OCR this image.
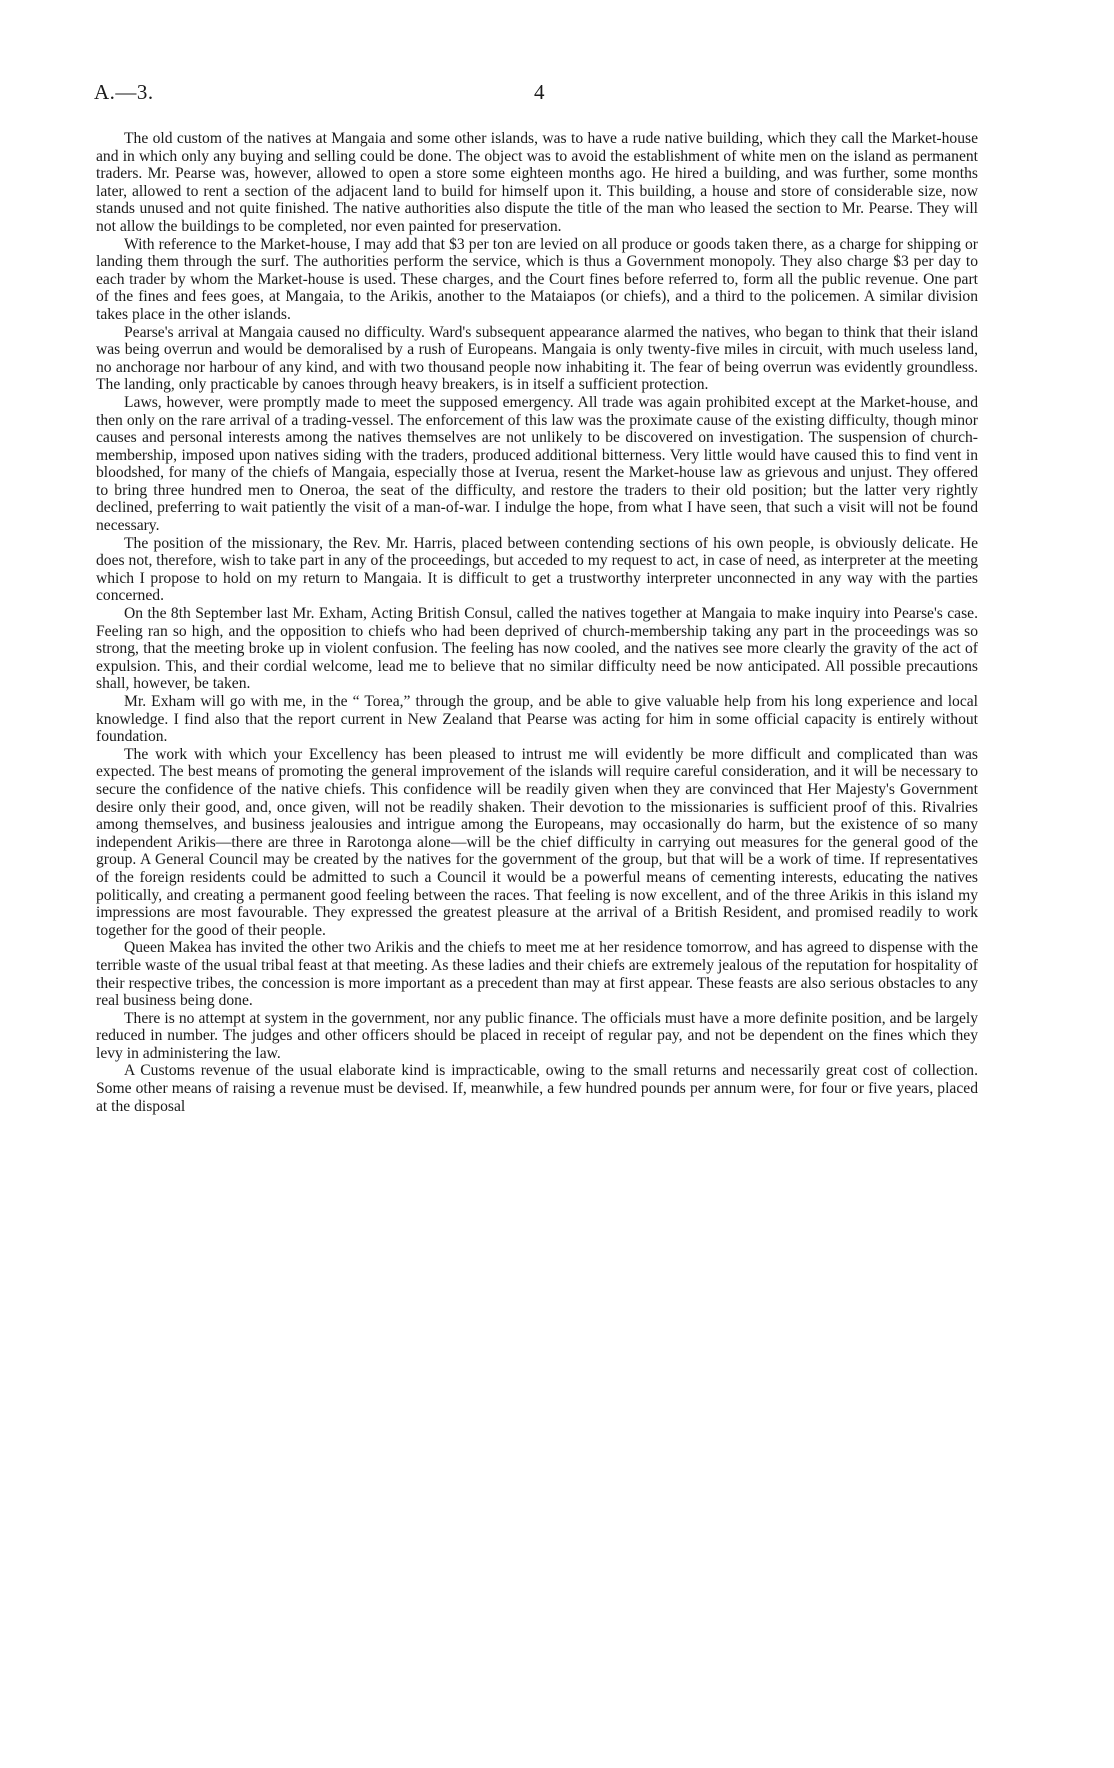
A.—3.	4

The old custom of the natives at Mangaia and some other islands, was to have a rude native building, which they call the Market-house and in which only any buying and selling could be done. The object was to avoid the establishment of white men on the island as permanent traders. Mr. Pearse was, however, allowed to open a store some eighteen months ago. He hired a building, and was further, some months later, allowed to rent a section of the adjacent land to build for himself upon it. This building, a house and store of considerable size, now stands unused and not quite finished. The native authorities also dispute the title of the man who leased the section to Mr. Pearse. They will not allow the buildings to be completed, nor even painted for preservation.

With reference to the Market-house, I may add that $3 per ton are levied on all produce or goods taken there, as a charge for shipping or landing them through the surf. The authorities perform the service, which is thus a Government monopoly. They also charge $3 per day to each trader by whom the Market-house is used. These charges, and the Court fines before referred to, form all the public revenue. One part of the fines and fees goes, at Mangaia, to the Arikis, another to the Mataiapos (or chiefs), and a third to the policemen. A similar division takes place in the other islands.

Pearse's arrival at Mangaia caused no difficulty. Ward's subsequent appearance alarmed the natives, who began to think that their island was being overrun and would be demoralised by a rush of Europeans. Mangaia is only twenty-five miles in circuit, with much useless land, no anchorage nor harbour of any kind, and with two thousand people now inhabiting it. The fear of being overrun was evidently groundless. The landing, only practicable by canoes through heavy breakers, is in itself a sufficient protection.

Laws, however, were promptly made to meet the supposed emergency. All trade was again prohibited except at the Market-house, and then only on the rare arrival of a trading-vessel. The enforcement of this law was the proximate cause of the existing difficulty, though minor causes and personal interests among the natives themselves are not unlikely to be discovered on investigation. The suspension of church-membership, imposed upon natives siding with the traders, produced additional bitterness. Very little would have caused this to find vent in bloodshed, for many of the chiefs of Mangaia, especially those at Iverua, resent the Market-house law as grievous and unjust. They offered to bring three hundred men to Oneroa, the seat of the difficulty, and restore the traders to their old position; but the latter very rightly declined, preferring to wait patiently the visit of a man-of-war. I indulge the hope, from what I have seen, that such a visit will not be found necessary.

The position of the missionary, the Rev. Mr. Harris, placed between contending sections of his own people, is obviously delicate. He does not, therefore, wish to take part in any of the proceedings, but acceded to my request to act, in case of need, as interpreter at the meeting which I propose to hold on my return to Mangaia. It is difficult to get a trustworthy interpreter unconnected in any way with the parties concerned.

On the 8th September last Mr. Exham, Acting British Consul, called the natives together at Mangaia to make inquiry into Pearse's case. Feeling ran so high, and the opposition to chiefs who had been deprived of church-membership taking any part in the proceedings was so strong, that the meeting broke up in violent confusion. The feeling has now cooled, and the natives see more clearly the gravity of the act of expulsion. This, and their cordial welcome, lead me to believe that no similar difficulty need be now anticipated. All possible precautions shall, however, be taken.

Mr. Exham will go with me, in the “ Torea,” through the group, and be able to give valuable help from his long experience and local knowledge. I find also that the report current in New Zealand that Pearse was acting for him in some official capacity is entirely without foundation.

The work with which your Excellency has been pleased to intrust me will evidently be more difficult and complicated than was expected. The best means of promoting the general improvement of the islands will require careful consideration, and it will be necessary to secure the confidence of the native chiefs. This confidence will be readily given when they are convinced that Her Majesty's Government desire only their good, and, once given, will not be readily shaken. Their devotion to the missionaries is sufficient proof of this. Rivalries among themselves, and business jealousies and intrigue among the Europeans, may occasionally do harm, but the existence of so many independent Arikis—there are three in Rarotonga alone—will be the chief difficulty in carrying out measures for the general good of the group. A General Council may be created by the natives for the government of the group, but that will be a work of time. If representatives of the foreign residents could be admitted to such a Council it would be a powerful means of cementing interests, educating the natives politically, and creating a permanent good feeling between the races. That feeling is now excellent, and of the three Arikis in this island my impressions are most favourable. They expressed the greatest pleasure at the arrival of a British Resident, and promised readily to work together for the good of their people.

Queen Makea has invited the other two Arikis and the chiefs to meet me at her residence tomorrow, and has agreed to dispense with the terrible waste of the usual tribal feast at that meeting. As these ladies and their chiefs are extremely jealous of the reputation for hospitality of their respective tribes, the concession is more important as a precedent than may at first appear. These feasts are also serious obstacles to any real business being done.

There is no attempt at system in the government, nor any public finance. The officials must have a more definite position, and be largely reduced in number. The judges and other officers should be placed in receipt of regular pay, and not be dependent on the fines which they levy in administering the law.

A Customs revenue of the usual elaborate kind is impracticable, owing to the small returns and necessarily great cost of collection. Some other means of raising a revenue must be devised. If, meanwhile, a few hundred pounds per annum were, for four or five years, placed at the disposal
